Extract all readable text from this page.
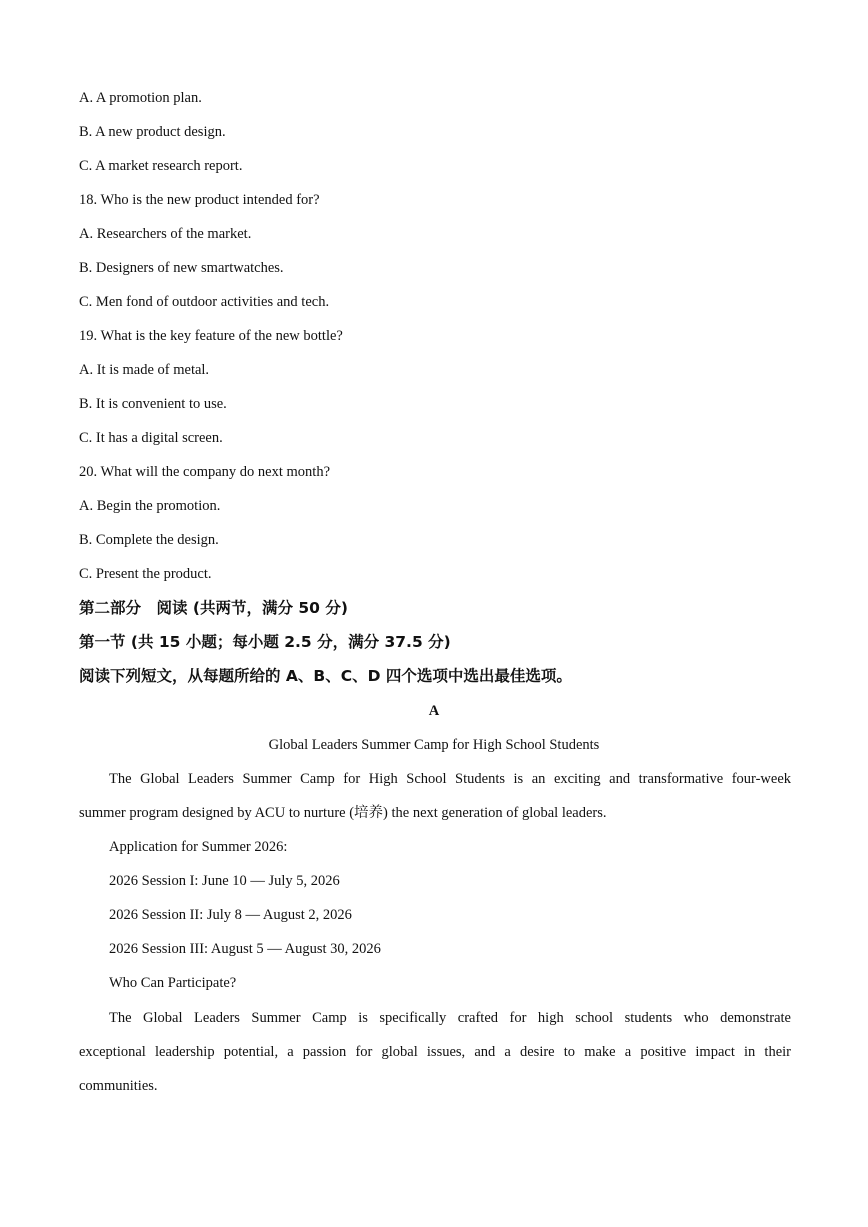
A. A promotion plan.

B. A new product design.

C. A market research report.

18. Who is the new product intended for?

A. Researchers of the market.

B. Designers of new smartwatches.

C. Men fond of outdoor activities and tech.

19. What is the key feature of the new bottle?

A. It is made of metal.

B. It is convenient to use.

C. It has a digital screen.

20. What will the company do next month?

A. Begin the promotion.

B. Complete the design.

C. Present the product.

第二部分　阅读 (共两节，满分 50 分)

第一节 (共 15 小题；每小题 2.5 分，满分 37.5 分)

阅读下列短文，从每题所给的 A、B、C、D 四个选项中选出最佳选项。

A

Global Leaders Summer Camp for High School Students

The Global Leaders Summer Camp for High School Students is an exciting and transformative four-week

summer program designed by ACU to nurture (培养) the next generation of global leaders.

Application for Summer 2026:

2026 Session I: June 10 — July 5, 2026

2026 Session II: July 8 — August 2, 2026

2026 Session III: August 5 — August 30, 2026

Who Can Participate?

The Global Leaders Summer Camp is specifically crafted for high school students who demonstrate

exceptional leadership potential, a passion for global issues, and a desire to make a positive impact in their

communities.
